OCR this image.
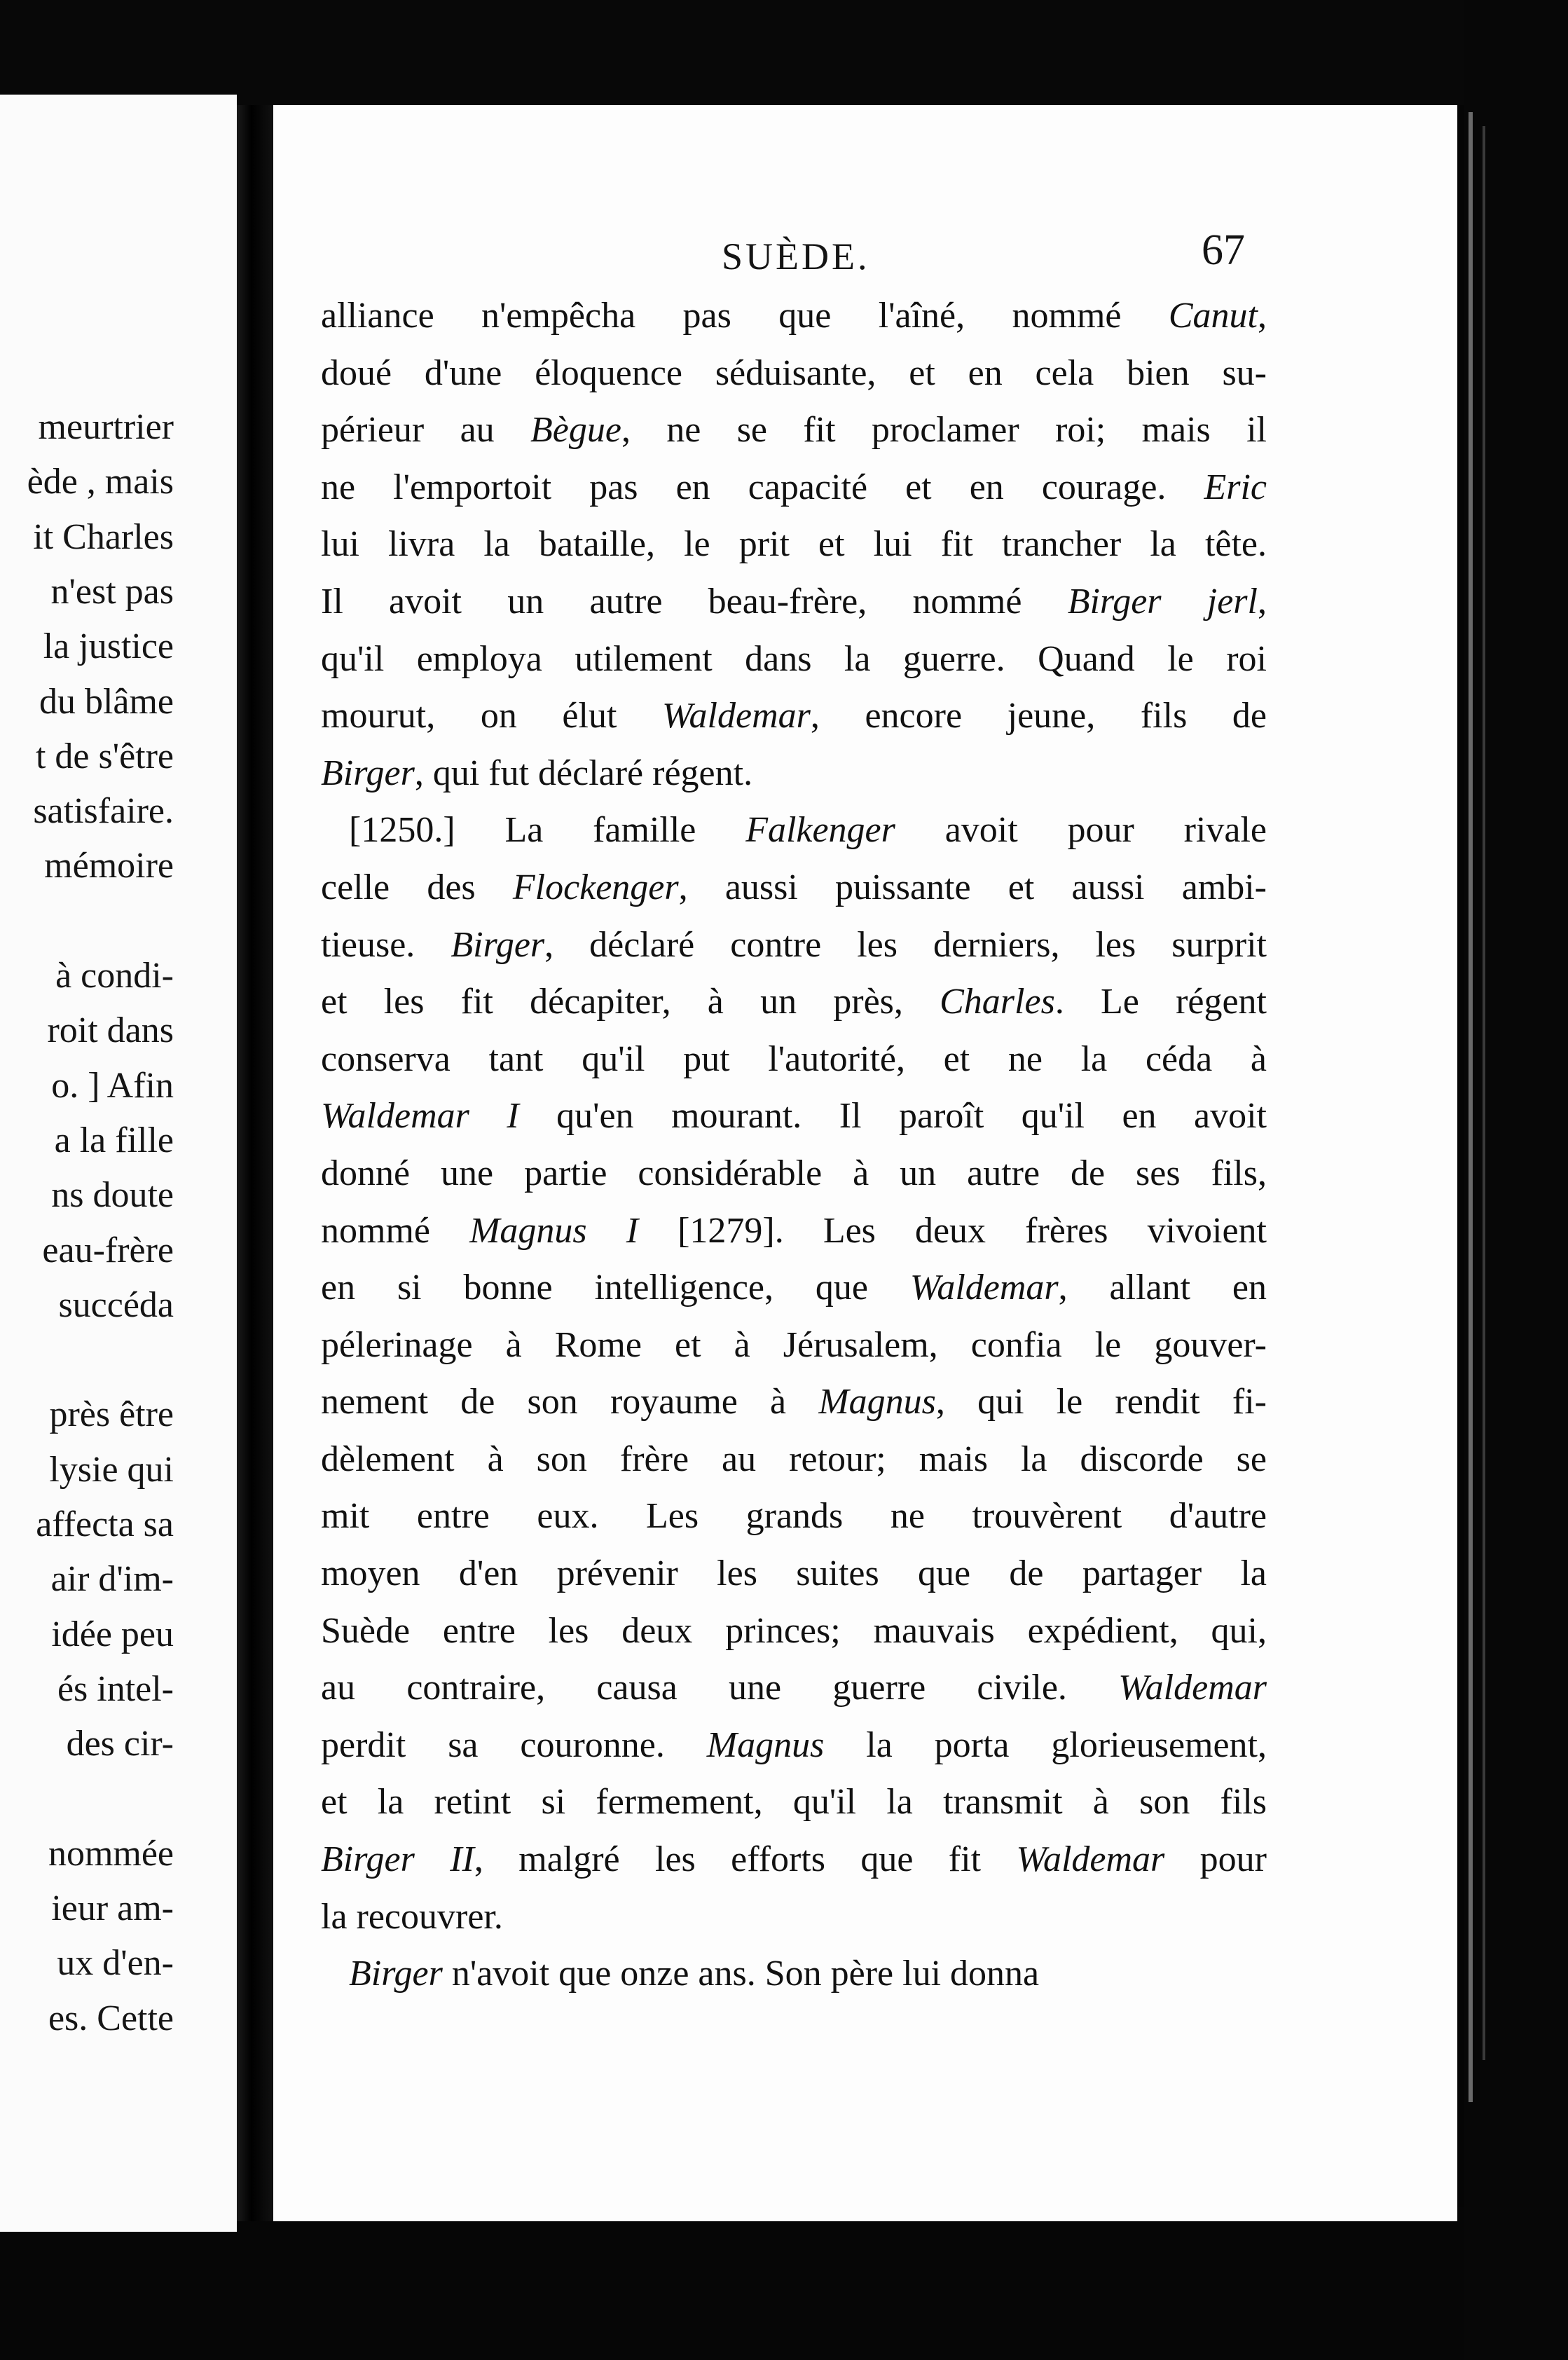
meurtrier
ède , mais
it Charles
n'est pas
la justice
du blâme
t de s'être
satisfaire.
mémoire
à condi-
roit dans
o. ] Afin
a la fille
ns doute
eau-frère
succéda
près être
lysie qui
affecta sa
air d'im-
idée peu
és intel-
des cir-
nommée
ieur am-
ux d'en-
es. Cette
SUÈDE.	67
alliance n'empêcha pas que l'aîné, nommé Canut,
doué d'une éloquence séduisante, et en cela bien su-
périeur au Bègue, ne se fit proclamer roi; mais il
ne l'emportoit pas en capacité et en courage. Eric
lui livra la bataille, le prit et lui fit trancher la tête.
Il avoit un autre beau-frère, nommé Birger jerl,
qu'il employa utilement dans la guerre. Quand le roi
mourut, on élut Waldemar, encore jeune, fils de
Birger, qui fut déclaré régent.
[1250.] La famille Falkenger avoit pour rivale
celle des Flockenger, aussi puissante et aussi ambi-
tieuse. Birger, déclaré contre les derniers, les surprit
et les fit décapiter, à un près, Charles. Le régent
conserva tant qu'il put l'autorité, et ne la céda à
Waldemar I qu'en mourant. Il paroît qu'il en avoit
donné une partie considérable à un autre de ses fils,
nommé Magnus I [1279]. Les deux frères vivoient
en si bonne intelligence, que Waldemar, allant en
pélerinage à Rome et à Jérusalem, confia le gouver-
nement de son royaume à Magnus, qui le rendit fi-
dèlement à son frère au retour; mais la discorde se
mit entre eux. Les grands ne trouvèrent d'autre
moyen d'en prévenir les suites que de partager la
Suède entre les deux princes; mauvais expédient, qui,
au contraire, causa une guerre civile. Waldemar
perdit sa couronne. Magnus la porta glorieusement,
et la retint si fermement, qu'il la transmit à son fils
Birger II, malgré les efforts que fit Waldemar pour
la recouvrer.
Birger n'avoit que onze ans. Son père lui donna
